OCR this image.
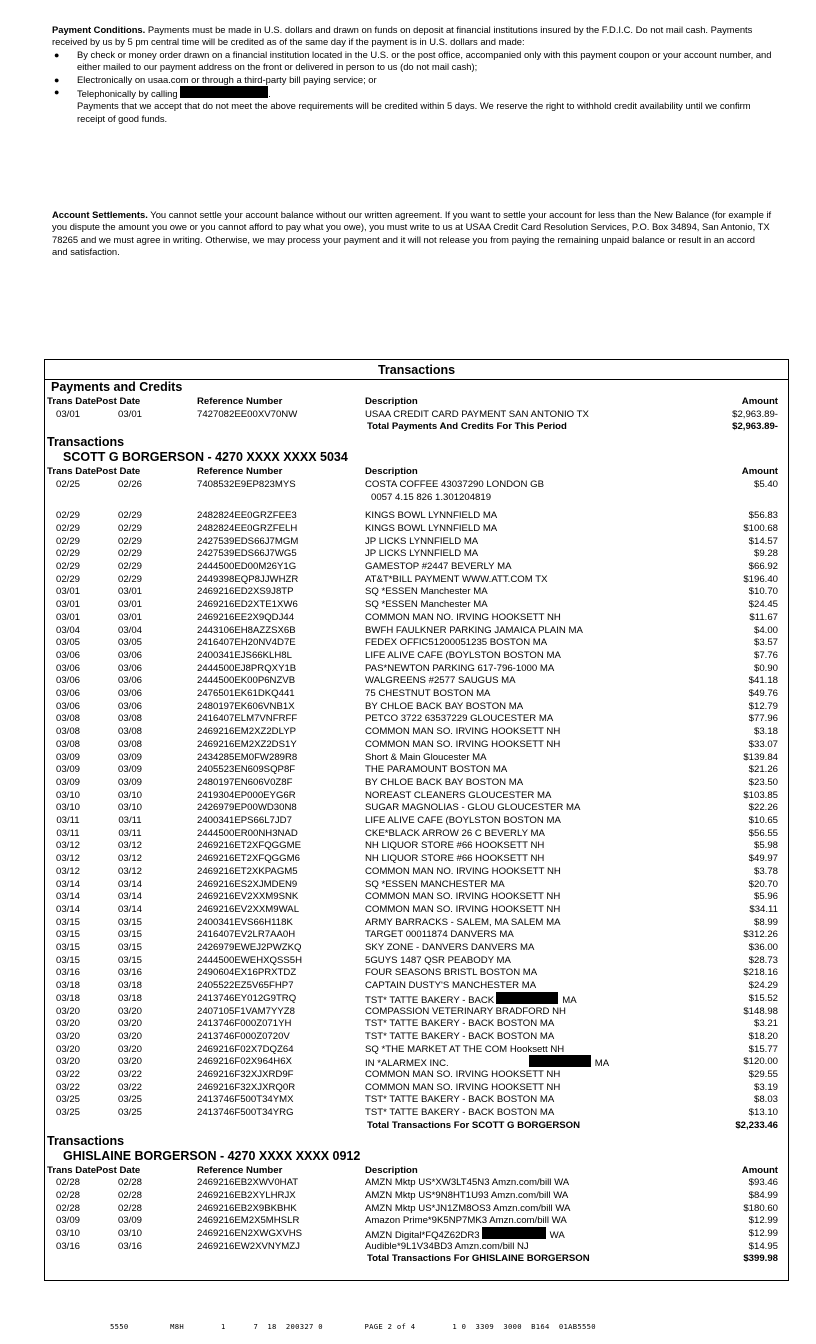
Payment Conditions. Payments must be made in U.S. dollars and drawn on funds on deposit at financial institutions insured by the F.D.I.C. Do not mail cash. Payments received by us by 5 pm central time will be credited as of the same day if the payment is in U.S. dollars and made:
● By check or money order drawn on a financial institution located in the U.S. or the post office, accompanied only with this payment coupon or your account number, and either mailed to our payment address on the front or delivered in person to us (do not mail cash);
● Electronically on usaa.com or through a third-party bill paying service; or
● Telephonically by calling	.
Payments that we accept that do not meet the above requirements will be credited within 5 days. We reserve the right to withhold credit availability until we confirm receipt of good funds.
Account Settlements. You cannot settle your account balance without our written agreement. If you want to settle your account for less than the New Balance (for example if you dispute the amount you owe or you cannot afford to pay what you owe), you must write to us at USAA Credit Card Resolution Services, P.O. Box 34894, San Antonio, TX 78265 and we must agree in writing. Otherwise, we may process your payment and it will not release you from paying the remaining unpaid balance or result in an accord and satisfaction.
Transactions
Payments and Credits
Trans Date Post Date	Reference Number	Description	Amount
03/01	03/01	7427082EE00XV70NW	USAA CREDIT CARD PAYMENT SAN ANTONIO TX	$2,963.89-
Total Payments And Credits For This Period	$2,963.89-
Transactions
SCOTT G BORGERSON - 4270 XXXX XXXX 5034
Trans Date Post Date	Reference Number	Description	Amount
02/25	02/26	7408532E9EP823MYS	COSTA COFFEE 43037290 LONDON GB	$5.40
0057 4.15 826 1.301204819
02/29	02/29	2482824EE0GRZFEE3	KINGS BOWL LYNNFIELD MA	$56.83
02/29	02/29	2482824EE0GRZFELH	KINGS BOWL LYNNFIELD MA	$100.68
02/29	02/29	2427539EDS66J7MGM	JP LICKS LYNNFIELD MA	$14.57
02/29	02/29	2427539EDS66J7WG5	JP LICKS LYNNFIELD MA	$9.28
02/29	02/29	2444500ED00M26Y1G	GAMESTOP #2447 BEVERLY MA	$66.92
02/29	02/29	2449398EQP8JJWHZR	AT&T*BILL PAYMENT WWW.ATT.COM TX	$196.40
03/01	03/01	2469216ED2XS9J8TP	SQ *ESSEN Manchester MA	$10.70
03/01	03/01	2469216ED2XTE1XW6	SQ *ESSEN Manchester MA	$24.45
03/01	03/01	2469216EE2X9QDJ44	COMMON MAN NO. IRVING HOOKSETT NH	$11.67
03/04	03/04	2443106EH8AZZSX6B	BWFH FAULKNER PARKING JAMAICA PLAIN MA	$4.00
03/05	03/05	2416407EH20NV4D7E	FEDEX OFFIC51200051235 BOSTON MA	$3.57
03/06	03/06	2400341EJS66KLH8L	LIFE ALIVE CAFE (BOYLSTON BOSTON MA	$7.76
03/06	03/06	2444500EJ8PRQXY1B	PAS*NEWTON PARKING 617-796-1000 MA	$0.90
03/06	03/06	2444500EK00P6NZVB	WALGREENS #2577 SAUGUS MA	$41.18
03/06	03/06	2476501EK61DKQ441	75 CHESTNUT BOSTON MA	$49.76
03/06	03/06	2480197EK606VNB1X	BY CHLOE BACK BAY BOSTON MA	$12.79
03/08	03/08	2416407ELM7VNFRFF	PETCO 3722 63537229 GLOUCESTER MA	$77.96
03/08	03/08	2469216EM2XZ2DLYP	COMMON MAN SO. IRVING HOOKSETT NH	$3.18
03/08	03/08	2469216EM2XZ2DS1Y	COMMON MAN SO. IRVING HOOKSETT NH	$33.07
03/09	03/09	2434285EM0FW289R8	Short & Main Gloucester MA	$139.84
03/09	03/09	2405523EN609SQP8F	THE PARAMOUNT BOSTON MA	$21.26
03/09	03/09	2480197EN606V0Z8F	BY CHLOE BACK BAY BOSTON MA	$23.50
03/10	03/10	2419304EP000EYG6R	NOREAST CLEANERS GLOUCESTER MA	$103.85
03/10	03/10	2426979EP00WD30N8	SUGAR MAGNOLIAS - GLOU GLOUCESTER MA	$22.26
03/11	03/11	2400341EPS66L7JD7	LIFE ALIVE CAFE (BOYLSTON BOSTON MA	$10.65
03/11	03/11	2444500ER00NH3NAD	CKE*BLACK ARROW 26 C BEVERLY MA	$56.55
03/12	03/12	2469216ET2XFQGGME	NH LIQUOR STORE #66 HOOKSETT NH	$5.98
03/12	03/12	2469216ET2XFQGGM6	NH LIQUOR STORE #66 HOOKSETT NH	$49.97
03/12	03/12	2469216ET2XKPAGM5	COMMON MAN NO. IRVING HOOKSETT NH	$3.78
03/14	03/14	2469216ES2XJMDEN9	SQ *ESSEN MANCHESTER MA	$20.70
03/14	03/14	2469216EV2XXM9SNK	COMMON MAN SO. IRVING HOOKSETT NH	$5.96
03/14	03/14	2469216EV2XXM9WAL	COMMON MAN SO. IRVING HOOKSETT NH	$34.11
03/15	03/15	2400341EVS66H118K	ARMY BARRACKS - SALEM, MA SALEM MA	$8.99
03/15	03/15	2416407EV2LR7AA0H	TARGET 00011874 DANVERS MA	$312.26
03/15	03/15	2426979EWEJ2PWZKQ	SKY ZONE - DANVERS DANVERS MA	$36.00
03/15	03/15	2444500EWEHXQSS5H	5GUYS 1487 QSR PEABODY MA	$28.73
03/16	03/16	2490604EX16PRXTDZ	FOUR SEASONS BRISTL BOSTON MA	$218.16
03/18	03/18	2405522EZ5V65FHP7	CAPTAIN DUSTY'S MANCHESTER MA	$24.29
03/18	03/18	2413746EY012G9TRQ	TST* TATTE BAKERY - BACK	MA	$15.52
03/20	03/20	2407105F1VAM7YYZ8	COMPASSION VETERINARY BRADFORD NH	$148.98
03/20	03/20	2413746F000Z071YH	TST* TATTE BAKERY - BACK BOSTON MA	$3.21
03/20	03/20	2413746F000Z0720V	TST* TATTE BAKERY - BACK BOSTON MA	$18.20
03/20	03/20	2469216F02X7DQZ64	SQ *THE MARKET AT THE COM Hooksett NH	$15.77
03/20	03/20	2469216F02X964H6X	IN *ALARMEX INC.	MA	$120.00
03/22	03/22	2469216F32XJXRD9F	COMMON MAN SO. IRVING HOOKSETT NH	$29.55
03/22	03/22	2469216F32XJXRQ0R	COMMON MAN SO. IRVING HOOKSETT NH	$3.19
03/25	03/25	2413746F500T34YMX	TST* TATTE BAKERY - BACK BOSTON MA	$8.03
03/25	03/25	2413746F500T34YRG	TST* TATTE BAKERY - BACK BOSTON MA	$13.10
Total Transactions For SCOTT G BORGERSON	$2,233.46
Transactions
GHISLAINE BORGERSON - 4270 XXXX XXXX 0912
Trans Date Post Date	Reference Number	Description	Amount
02/28	02/28	2469216EB2XWV0HAT	AMZN Mktp US*XW3LT45N3 Amzn.com/bill WA	$93.46
02/28	02/28	2469216EB2XYLHRJX	AMZN Mktp US*9N8HT1U93 Amzn.com/bill WA	$84.99
02/28	02/28	2469216EB2X9BKBHK	AMZN Mktp US*JN1ZM8OS3 Amzn.com/bill WA	$180.60
03/09	03/09	2469216EM2X5MHSLR	Amazon Prime*9K5NP7MK3 Amzn.com/bill WA	$12.99
03/10	03/10	2469216EN2XWGXVHS	AMZN Digital*FQ4Z62DR3	WA	$12.99
03/16	03/16	2469216EW2XVNYMZJ	Audible*9L1V34BD3 Amzn.com/bill NJ	$14.95
Total Transactions For GHISLAINE BORGERSON	$399.98
5550         M8H        1      7  18  200327 0         PAGE 2 of 4        1 0  3309  3000  B164  01AB5550
